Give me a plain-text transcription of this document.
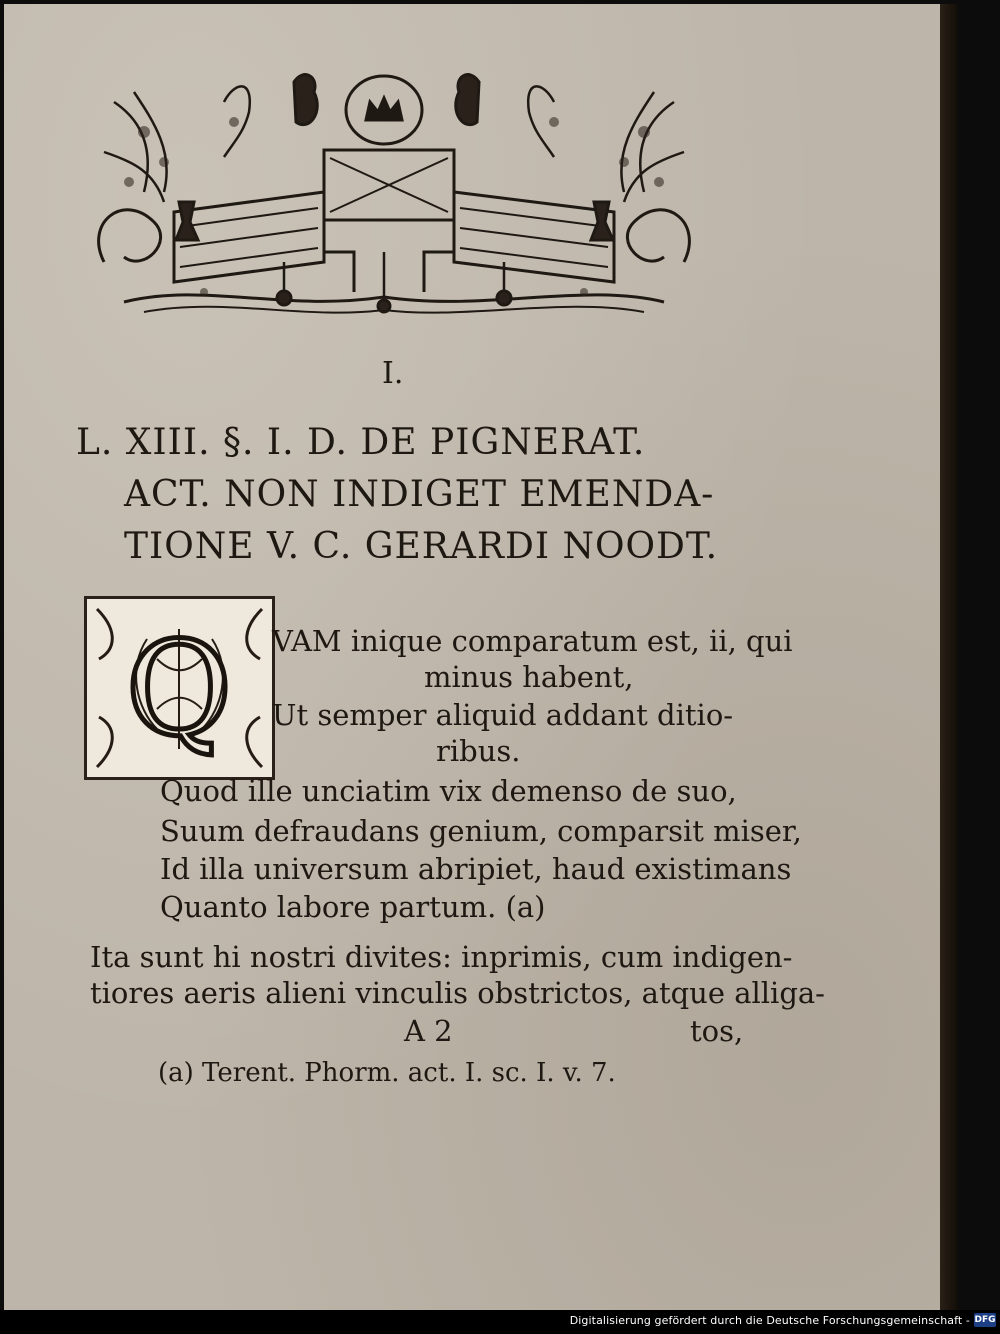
I.
L. XIII. §. I. D. DE PIGNERAT.
ACT. NON INDIGET EMENDA-
TIONE V. C. GERARDI NOODT.
Q VAM inique comparatum est, ii, qui
minus habent,
Ut semper aliquid addant ditio-
ribus.
Quod ille unciatim vix demenso de suo,
Suum defraudans genium, comparsit miser,
Id illa universum abripiet, haud existimans
Quanto labore partum. (a)
Ita sunt hi nostri divites: inprimis, cum indigen-
tiores aeris alieni vinculis obstrictos, atque alliga-
A 2	tos,
(a) Terent. Phorm. act. I. sc. I. v. 7.
Digitalisierung gefördert durch die Deutsche Forschungsgemeinschaft - DFG
